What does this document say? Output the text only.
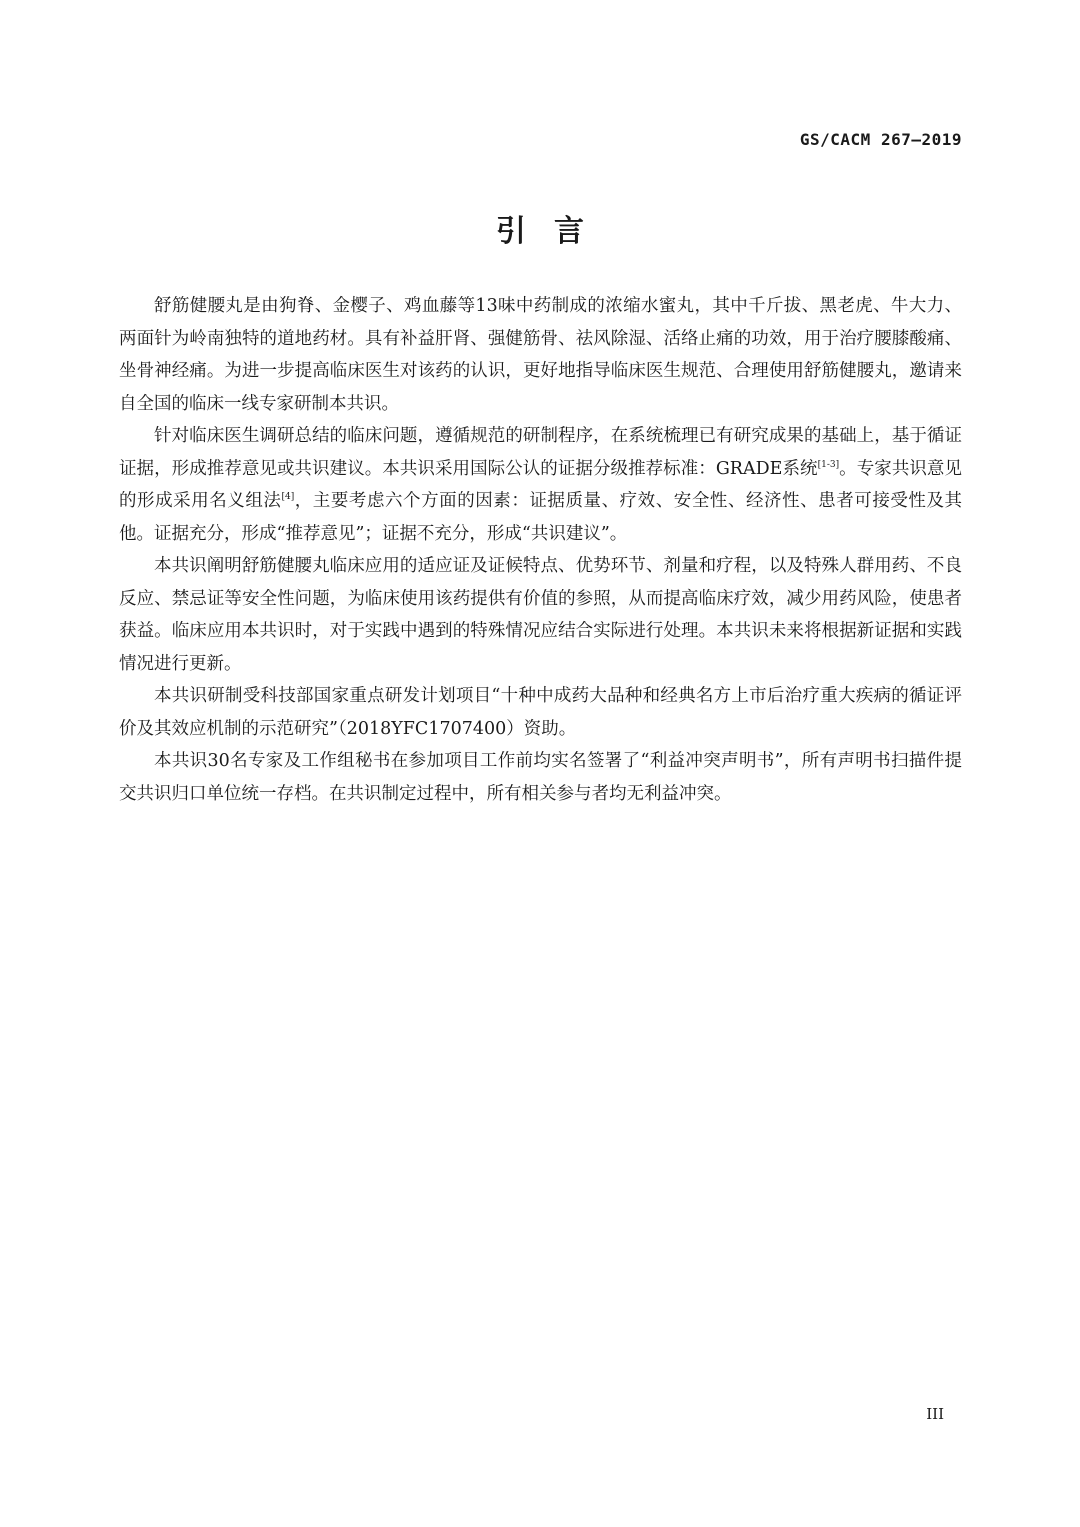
GS/CACM 267—2019
引言

舒筋健腰丸是由狗脊、金樱子、鸡血藤等13味中药制成的浓缩水蜜丸，其中千斤拔、黑老虎、牛大力、两面针为岭南独特的道地药材。具有补益肝肾、强健筋骨、祛风除湿、活络止痛的功效，用于治疗腰膝酸痛、坐骨神经痛。为进一步提高临床医生对该药的认识，更好地指导临床医生规范、合理使用舒筋健腰丸，邀请来自全国的临床一线专家研制本共识。

针对临床医生调研总结的临床问题，遵循规范的研制程序，在系统梳理已有研究成果的基础上，基于循证证据，形成推荐意见或共识建议。本共识采用国际公认的证据分级推荐标准：GRADE系统[1-3]。专家共识意见的形成采用名义组法[4]，主要考虑六个方面的因素：证据质量、疗效、安全性、经济性、患者可接受性及其他。证据充分，形成“推荐意见”；证据不充分，形成“共识建议”。

本共识阐明舒筋健腰丸临床应用的适应证及证候特点、优势环节、剂量和疗程，以及特殊人群用药、不良反应、禁忌证等安全性问题，为临床使用该药提供有价值的参照，从而提高临床疗效，减少用药风险，使患者获益。临床应用本共识时，对于实践中遇到的特殊情况应结合实际进行处理。本共识未来将根据新证据和实践情况进行更新。

本共识研制受科技部国家重点研发计划项目“十种中成药大品种和经典名方上市后治疗重大疾病的循证评价及其效应机制的示范研究”（2018YFC1707400）资助。

本共识30名专家及工作组秘书在参加项目工作前均实名签署了“利益冲突声明书”，所有声明书扫描件提交共识归口单位统一存档。在共识制定过程中，所有相关参与者均无利益冲突。

III
